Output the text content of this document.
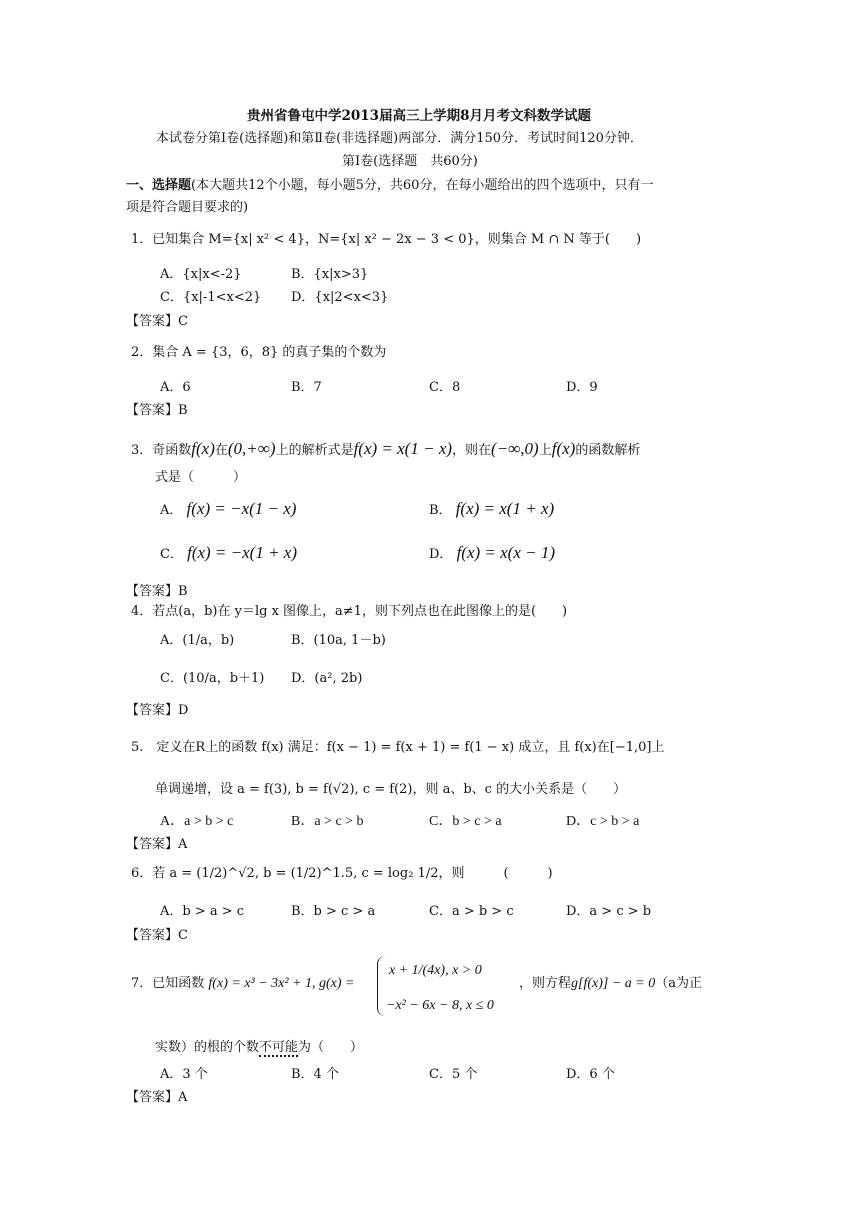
贵州省鲁屯中学2013届高三上学期8月月考文科数学试题
本试卷分第Ⅰ卷(选择题)和第Ⅱ卷(非选择题)两部分．满分150分．考试时间120分钟．
第Ⅰ卷(选择题　共60分)
一、选择题(本大题共12个小题，每小题5分，共60分，在每小题给出的四个选项中，只有一
项是符合题目要求的)
1．已知集合 M={x| x² < 4}，N={x| x² − 2x − 3 < 0}，则集合 M ∩ N 等于(　　)
A．{x|x<-2}	B．{x|x>3}
C．{x|-1<x<2} D．{x|2<x<3}
【答案】C
2．集合 A = {3，6，8} 的真子集的个数为
A．6	B．7	C．8	D．9
【答案】B
3．奇函数f(x)在(0,+∞)上的解析式是f(x) = x(1 − x)，则在(−∞,0)上f(x)的函数解析
式是（　　　）
A． f(x) = −x(1 − x)	B． f(x) = x(1 + x)
C． f(x) = −x(1 + x)	D． f(x) = x(x − 1)
【答案】B
4．若点(a，b)在 y＝lg x 图像上，a≠1，则下列点也在此图像上的是(　　)
A．(1/a，b)	B．(10a, 1－b)
C．(10/a，b＋1) D．(a², 2b)
【答案】D
5.　定义在R上的函数 f(x) 满足：f(x − 1) = f(x + 1) = f(1 − x) 成立，且 f(x)在[−1,0]上
单调递增，设 a = f(3), b = f(√2), c = f(2)，则 a、b、c 的大小关系是（　　）
A．a > b > c	B．a > c > b	C．b > c > a	D．c > b > a
【答案】A
6．若 a = (1/2)^√2, b = (1/2)^1.5, c = log₂ 1/2，则　　　(　　　)
A．b > a > c	B．b > c > a	C．a > b > c	D．a > c > b
【答案】C
7．已知函数 f(x) = x³ − 3x² + 1, g(x) =
x + 1/(4x), x > 0
−x² − 6x − 8, x ≤ 0
，则方程g[f(x)] − a = 0（a为正
实数）的根的个数不可能为（　　）
A．3 个	B．4 个	C．5 个	D．6 个
【答案】A
